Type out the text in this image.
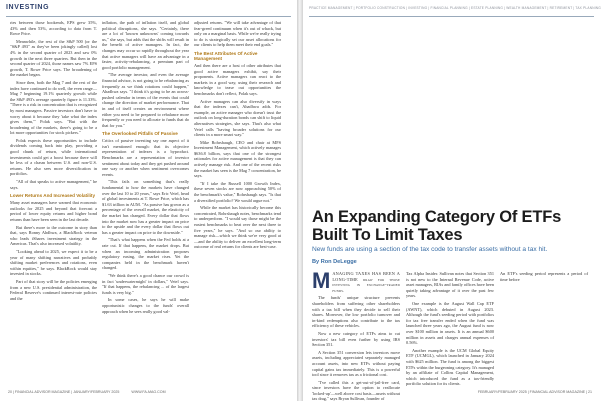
INVESTING

ries between those bookends, EPS grew 35%, 43% and then 53%, according to data from T. Rowe Price.

Meanwhile, the rest of the S&P 500 (or the "S&P 493" as they've been jokingly called) lost 4% in the second quarter of 2023 and saw 0% growth in the next three quarters. But then in the second quarter of 2024, those names saw 7% EPS growth, T. Rowe Price says. The broadening of the market began.

Since then, both the Mag 7 and the rest of the index have continued to do well, the even range—Mag 7 beginning 19.1% quarterly growth while the S&P 493's average quarterly figure is 11.33%. "There is a risk in concentration that is recognized by most managers. Passive investors don't have to worry about it because they 'take what the index gives them,'" Polak says. "But with the broadening of the markets, there's going to be a lot more opportunities for stock pickers."

Polak expects these opportunities to include dividends coming back into play, providing a good chunk of return, while international investments could get a boost because there will be less of a chasm between U.S. and non-U.S. returns. He also sees more diversification in portfolios.

"All of that speaks to active management," he says.

Lower Returns And Increased Volatility

Many asset managers have warned that economic outlooks for 2025 and beyond that forecast a period of lower equity returns and higher bond returns than have been seen in the last decade.

But there's more to the outcome in story than that, says Ronny Ahdhwa, a BlackRock veteran who leads iShares investment strategy in the Americas. That's also increased volatility.

"Looking ahead to 2025, we expect it to be a year of many shifting narratives and probably shifting market preferences and rotations, even within equities," he says. BlackRock would stay invested in stocks.

Part of that story will be the policies emerging from a new U.S. presidential administration, the Federal Reserve's continued interest-rate policies and the

inflation, the path of inflation itself, and global political disruptions, she says. "Certainly, there are a lot of 'known unknowns' coming towards us," she says, but adds that the shifts will result in the benefit of active managers. In fact, the changes may occur so rapidly throughout the year that active managers will have an advantage in a faster, activity-rebalancing, a premium part of good portfolio management.

"The average investor, and even the average financial advisor, is not going to be rebalancing as frequently as we think rotations could happen," Ahadhwa says. "I think it's going to be an across-pushed calendar in terms of the events that could change the direction of market performance. That in and of itself creates an environment where either you need to be prepared to rebalance more frequently or you need to allocate to funds that do that for you."

The Overlooked Pitfalls Of Passive

Critics of passive investing say one aspect of it isn't mentioned enough: that its objective representation of indexes is a byproduct. Benchmarks are a representation of investor sentiment about today and they get pushed around one way or another when sentiment overcomes events.

"This fails on something that's really fundamental to how the markets have changed over the last 10 to 20 years," says Eric Veiel, head of global investments at T. Rowe Price, which has $1.63 trillion in AUM. "As passive has grown as a percentage of the overall market, the elasticity of the market has changed. Every dollar that flows into the market now has a greater impact on price to the upside and the every dollar that flows out has a greater impact on price to the downside."

"That's what happens when the Fed holds at a rate cut. If that happens, the market drops. But when an incoming administration proposes regulatory easing, the market rises. Yet the companies held in the benchmark haven't changed.

"We think there's a good chance our crowd is in fact 'underwatermight' in dollars," Veiel says. "If that happens, the rebalancing ... of the largest funds is very big."

In some cases, he says he will make opportunistic changes to the funds' overall approach when he sees really good val-

adjusted returns. "We will take advantage of that fear-greed continuum when it's out of whack, but only on a marginal basis. While we're really trying to do is strategically set our asset allocations for our clients to help them meet their end goals."

The Best Attributes Of Active Management

And then there are a host of other attributes that good active managers exhibit, say their proponents. Active managers can react to the markets in a good way, using their research and knowledge to tease out opportunities the benchmarks don't reflect, Polak says.

Active managers can also diversify in ways that the indexes can't, Ahadhwa adds. For example, an active manager who doesn't trust the outlook on long-duration bonds can shift to liquid alternatives strategies, she says. That's also what Veiel calls "having broader solutions for our clients in a more smart way."

Mike Rohrsbaugh, CEO and chair at MFS Investment Management, which actively manages $636.8 billion, says that one of the strongest rationales for active management is that they can actively manage risk. And one of the recent risks the market has seen is the Mag 7 concentration, he says.

"If I take the Russell 1000 Growth Index, these seven stocks are now approaching 50% of the benchmark's value," Rohrsbaugh says. "Is that a diversified portfolio? We would argue not."

While the market has historically become this concentrated, Rohrsbaugh notes, benchmarks tend to underperform. "I would say those might be the easiest benchmarks to beat over the next three to five years," he says. "And so our ability to manage risk—which we think we're very good at—and the ability to deliver an excellent long-term outcome of real returns for clients are best-case.

20 | FINANCIAL ADVISOR MAGAZINE | JANUARY/FEBRUARY 2025	WWW.FA-MAG.COM
PRACTICE MANAGEMENT | PORTFOLIO CONSTRUCTION | INVESTING | FINANCIAL PLANNING | ESTATE PLANNING | WEALTH MANAGEMENT | RETIREMENT | TAX PLANNING
An Expanding Category Of ETFs Built To Limit Taxes
New funds are using a section of the tax code to transfer assets without a tax hit.
By Ron DeLegge

MANAGING TAXES HAS BEEN A LONG-TIME draw for those investing in exchange-traded funds.

The funds' unique structure prevents shareholders from suffering other shareholders with a tax bill when they decide to sell their shares. Moreover, the low portfolio turnover and in-kind redemptions also contribute to the tax efficiency of these vehicles.

Now a new category of ETFs aims to cut investors' tax bill even further by using IRS Section 351.

A Section 351 conversion lets investors move assets, including appreciated separately managed account assets, into new ETFs without paying capital gains tax immediately. This is a powerful tool since it removes tax as a frictional cost.

"I've called this a get-out-of-jail-free card, since investors have the option to reallocate 'locked-up'—well above cost basis—assets without tax drag," says Bryan Sullivan, founder of

Tax Alpha Insider. Sullivan notes that Section 351 is not new to the Internal Revenue Code, active asset managers, RIAs and family offices have been quietly taking advantage of it over the past few years.

One example is the August Wall Cap ETF (AWNT), which debuted in August 2023. Although the fund's seeding period with portfolios for tax free transfer ended when the fund was launched three years ago, the August fund is now over $100 million in assets. It is an annual $600 million in assets and charges annual expenses of 0.56%.

Another example is the UCM Global Equity ETF (UCMGL), which launched in January 2024 with $625 million. The fund is among the biggest ETFs within the burgeoning category. It's managed by an affiliate of Collins Capital Management, which introduced the fund as a tax-friendly portfolio solution for its clients.

An ETF's seeding period represents a period of time before

FEBRUARY/FEBRUARY 2025 | FINANCIAL ADVISOR MAGAZINE | 21
